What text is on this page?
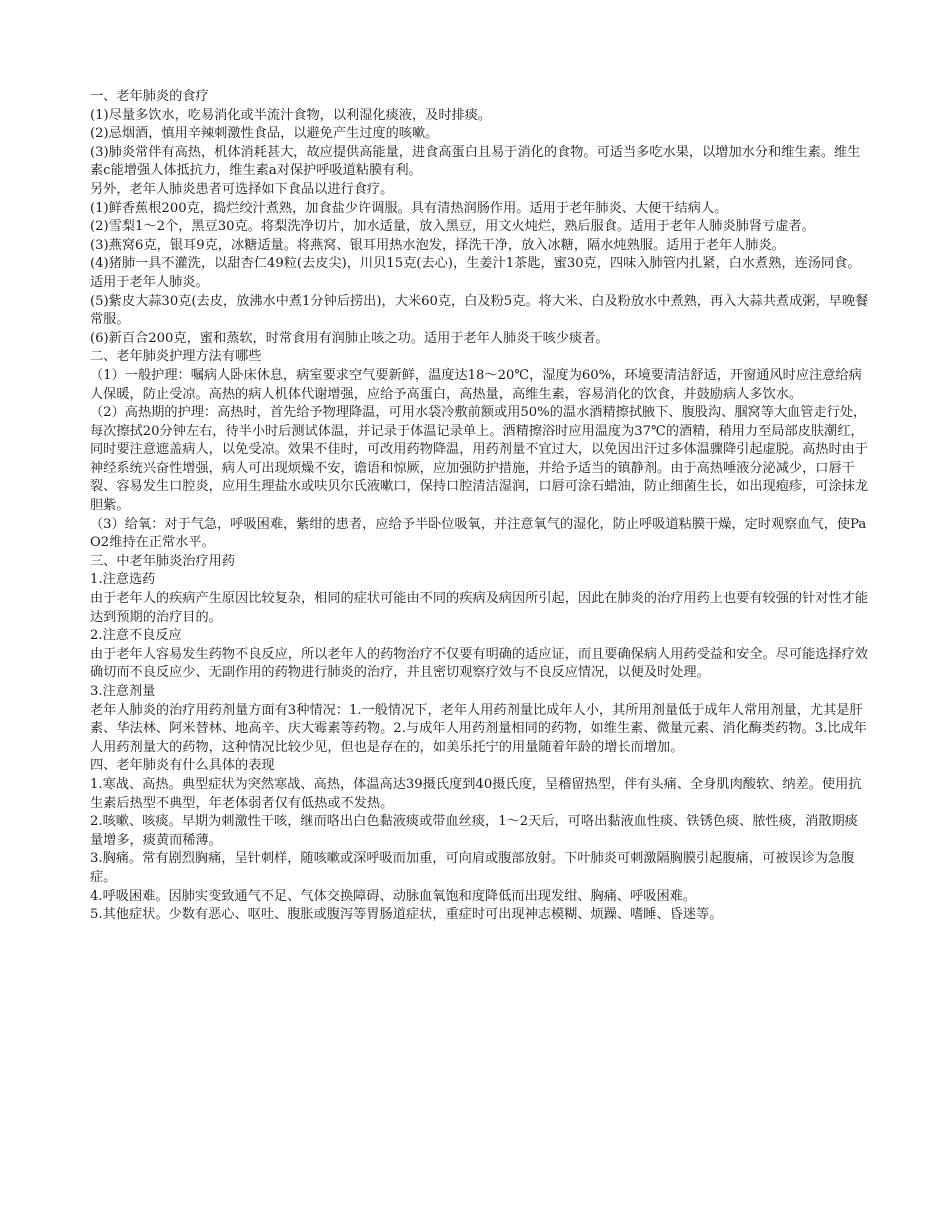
一、老年肺炎的食疗

(1)尽量多饮水，吃易消化或半流汁食物，以利湿化痰液，及时排痰。

(2)忌烟酒，慎用辛辣刺激性食品，以避免产生过度的咳嗽。

(3)肺炎常伴有高热，机体消耗甚大，故应提供高能量，进食高蛋白且易于消化的食物。可适当多吃水果，以增加水分和维生素。维生素c能增强人体抵抗力，维生素a对保护呼吸道粘膜有利。

另外，老年人肺炎患者可选择如下食品以进行食疗。

(1)鲜香蕉根200克，捣烂绞汁煮熟，加食盐少许调服。具有清热润肠作用。适用于老年肺炎、大便干结病人。

(2)雪梨1～2个，黑豆30克。将梨洗净切片，加水适量，放入黑豆，用文火炖烂，熟后服食。适用于老年人肺炎肺肾亏虚者。

(3)燕窝6克，银耳9克，冰糖适量。将燕窝、银耳用热水泡发，择洗干净，放入冰糖，隔水炖熟服。适用于老年人肺炎。

(4)猪肺一具不灌洗，以甜杏仁49粒(去皮尖)，川贝15克(去心)，生姜汁1茶匙，蜜30克，四味入肺管内扎紧，白水煮熟，连汤同食。适用于老年人肺炎。

(5)紫皮大蒜30克(去皮，放沸水中煮1分钟后捞出)，大米60克，白及粉5克。将大米、白及粉放水中煮熟，再入大蒜共煮成粥，早晚餐常服。

(6)新百合200克，蜜和蒸软，时常食用有润肺止咳之功。适用于老年人肺炎干咳少痰者。

二、老年肺炎护理方法有哪些

（1）一般护理：嘱病人卧床休息，病室要求空气要新鲜，温度达18～20℃，湿度为60%，环境要清洁舒适，开窗通风时应注意给病人保暖，防止受凉。高热的病人机体代谢增强，应给予高蛋白，高热量，高维生素，容易消化的饮食，并鼓励病人多饮水。

（2）高热期的护理：高热时，首先给予物理降温，可用水袋冷敷前额或用50%的温水酒精擦拭腋下、腹股沟、腘窝等大血管走行处，每次擦拭20分钟左右，待半小时后测试体温，并记录于体温记录单上。酒精擦浴时应用温度为37℃的酒精，稍用力至局部皮肤潮红，同时要注意遮盖病人，以免受凉。效果不佳时，可改用药物降温，用药剂量不宜过大，以免因出汗过多体温骤降引起虚脱。高热时由于神经系统兴奋性增强，病人可出现烦燥不安，谵语和惊厥，应加强防护措施，并给予适当的镇静剂。由于高热唾液分泌减少，口唇干裂、容易发生口腔炎，应用生理盐水或呋贝尔氏液嗽口，保持口腔清洁湿润，口唇可涂石蜡油，防止细菌生长，如出现疱疹，可涂抹龙胆紫。

（3）给氧：对于气急，呼吸困难，紫绀的患者，应给予半卧位吸氧，并注意氧气的湿化，防止呼吸道粘膜干燥，定时观察血气，使PaO2维持在正常水平。

三、中老年肺炎治疗用药

1.注意选药

由于老年人的疾病产生原因比较复杂，相同的症状可能由不同的疾病及病因所引起，因此在肺炎的治疗用药上也要有较强的针对性才能达到预期的治疗目的。

2.注意不良反应

由于老年人容易发生药物不良反应，所以老年人的药物治疗不仅要有明确的适应证，而且要确保病人用药受益和安全。尽可能选择疗效确切而不良反应少、无副作用的药物进行肺炎的治疗，并且密切观察疗效与不良反应情况，以便及时处理。

3.注意剂量

老年人肺炎的治疗用药剂量方面有3种情况：1.一般情况下，老年人用药剂量比成年人小，其所用剂量低于成年人常用剂量，尤其是肝素、华法林、阿米替林、地高辛、庆大霉素等药物。2.与成年人用药剂量相同的药物，如维生素、微量元素、消化酶类药物。3.比成年人用药剂量大的药物，这种情况比较少见，但也是存在的，如美乐托宁的用量随着年龄的增长而增加。

四、老年肺炎有什么具体的表现

1.寒战、高热。典型症状为突然寒战、高热，体温高达39摄氏度到40摄氏度，呈稽留热型，伴有头痛、全身肌肉酸软、纳差。使用抗生素后热型不典型，年老体弱者仅有低热或不发热。

2.咳嗽、咳痰。早期为刺激性干咳，继而咯出白色黏液痰或带血丝痰，1～2天后，可咯出黏液血性痰、铁锈色痰、脓性痰，消散期痰量增多，痰黄而稀薄。

3.胸痛。常有剧烈胸痛，呈针刺样，随咳嗽或深呼吸而加重，可向肩或腹部放射。下叶肺炎可刺激隔胸膜引起腹痛，可被误诊为急腹症。

4.呼吸困难。因肺实变致通气不足、气体交换障碍、动脉血氧饱和度降低而出现发绀、胸痛、呼吸困难。

5.其他症状。少数有恶心、呕吐、腹胀或腹泻等胃肠道症状，重症时可出现神志模糊、烦躁、嗜睡、昏迷等。
